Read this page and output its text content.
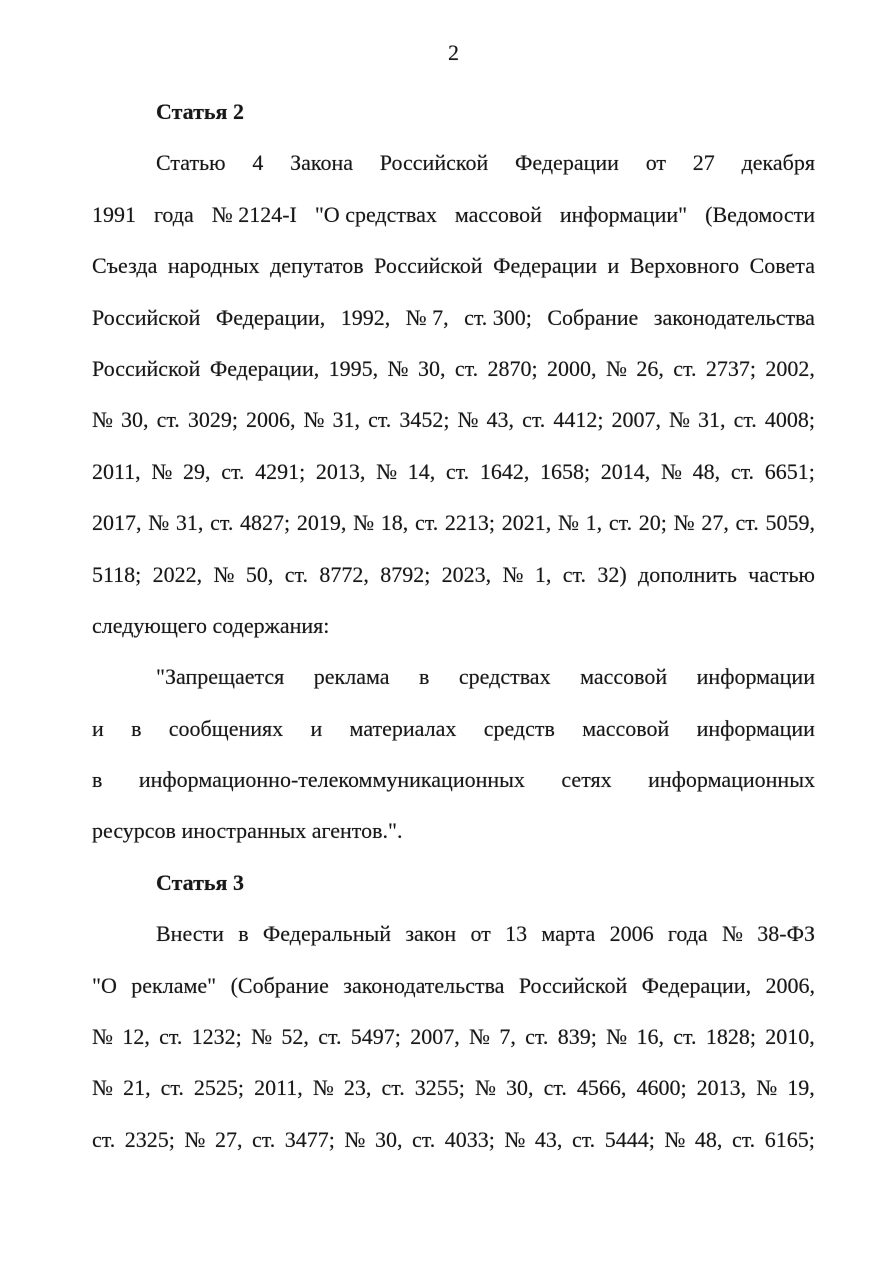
2
Статья 2
Статью 4 Закона Российской Федерации от 27 декабря
1991 года № 2124-I "О средствах массовой информации" (Ведомости
Съезда народных депутатов Российской Федерации и Верховного Совета
Российской Федерации, 1992, № 7, ст. 300; Собрание законодательства
Российской Федерации, 1995, № 30, ст. 2870; 2000, № 26, ст. 2737; 2002,
№ 30, ст. 3029; 2006, № 31, ст. 3452; № 43, ст. 4412; 2007, № 31, ст. 4008;
2011, № 29, ст. 4291; 2013, № 14, ст. 1642, 1658; 2014, № 48, ст. 6651;
2017, № 31, ст. 4827; 2019, № 18, ст. 2213; 2021, № 1, ст. 20; № 27, ст. 5059,
5118; 2022, № 50, ст. 8772, 8792; 2023, № 1, ст. 32) дополнить частью
следующего содержания:
"Запрещается реклама в средствах массовой информации
и в сообщениях и материалах средств массовой информации
в информационно-телекоммуникационных сетях информационных
ресурсов иностранных агентов.".
Статья 3
Внести в Федеральный закон от 13 марта 2006 года № 38-ФЗ
"О рекламе" (Собрание законодательства Российской Федерации, 2006,
№ 12, ст. 1232; № 52, ст. 5497; 2007, № 7, ст. 839; № 16, ст. 1828; 2010,
№ 21, ст. 2525; 2011, № 23, ст. 3255; № 30, ст. 4566, 4600; 2013, № 19,
ст. 2325; № 27, ст. 3477; № 30, ст. 4033; № 43, ст. 5444; № 48, ст. 6165;
